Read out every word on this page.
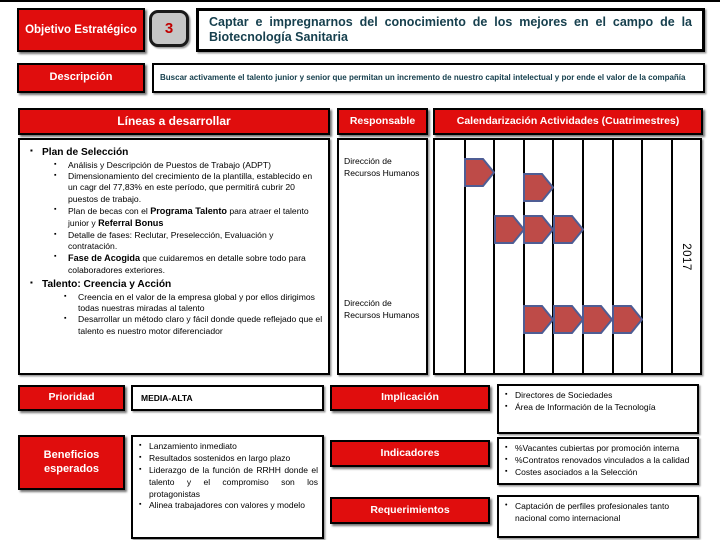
Objetivo Estratégico 3	Captar e impregnarnos del conocimiento de los mejores en el campo de la Biotecnología Sanitaria
Descripción	Buscar activamente el talento junior y senior que permitan un incremento de nuestro capital intelectual y por ende el valor de la compañía
Líneas a desarrollar
▪ Plan de Selección
▪ Análisis y Descripción de Puestos de Trabajo (ADPT)
▪ Dimensionamiento del crecimiento de la plantilla, establecido en un cagr del 77,83% en este período, que permitirá cubrir 20 puestos de trabajo.
▪ Plan de becas con el Programa Talento para atraer el talento junior y Referral Bonus
▪ Detalle de fases: Reclutar, Preselección, Evaluación y contratación.
▪ Fase de Acogida que cuidaremos en detalle sobre todo para colaboradores exteriores.
▪ Talento: Creencia y Acción
▪ Creencia en el valor de la empresa global y por ellos dirigimos todas nuestras miradas al talento
▪ Desarrollar un método claro y fácil donde quede reflejado que el talento es nuestro motor diferenciador
Responsable
Dirección de Recursos Humanos
Dirección de Recursos Humanos
Calendarización Actividades (Cuatrimestres)
2017
Prioridad	MEDIA-ALTA	Implicación	▪ Directores de Sociedades
▪ Área de Información de la Tecnología
Beneficios esperados
▪ Lanzamiento inmediato
▪ Resultados sostenidos en largo plazo
▪ Liderazgo de la función de RRHH donde el talento y el compromiso son los protagonistas
▪ Alinea trabajadores con valores y modelo
Indicadores	▪ %Vacantes cubiertas por promoción interna
▪ %Contratos renovados vinculados a la calidad
▪ Costes asociados a la Selección
Requerimientos	• Captación de perfiles profesionales tanto nacional como internacional
